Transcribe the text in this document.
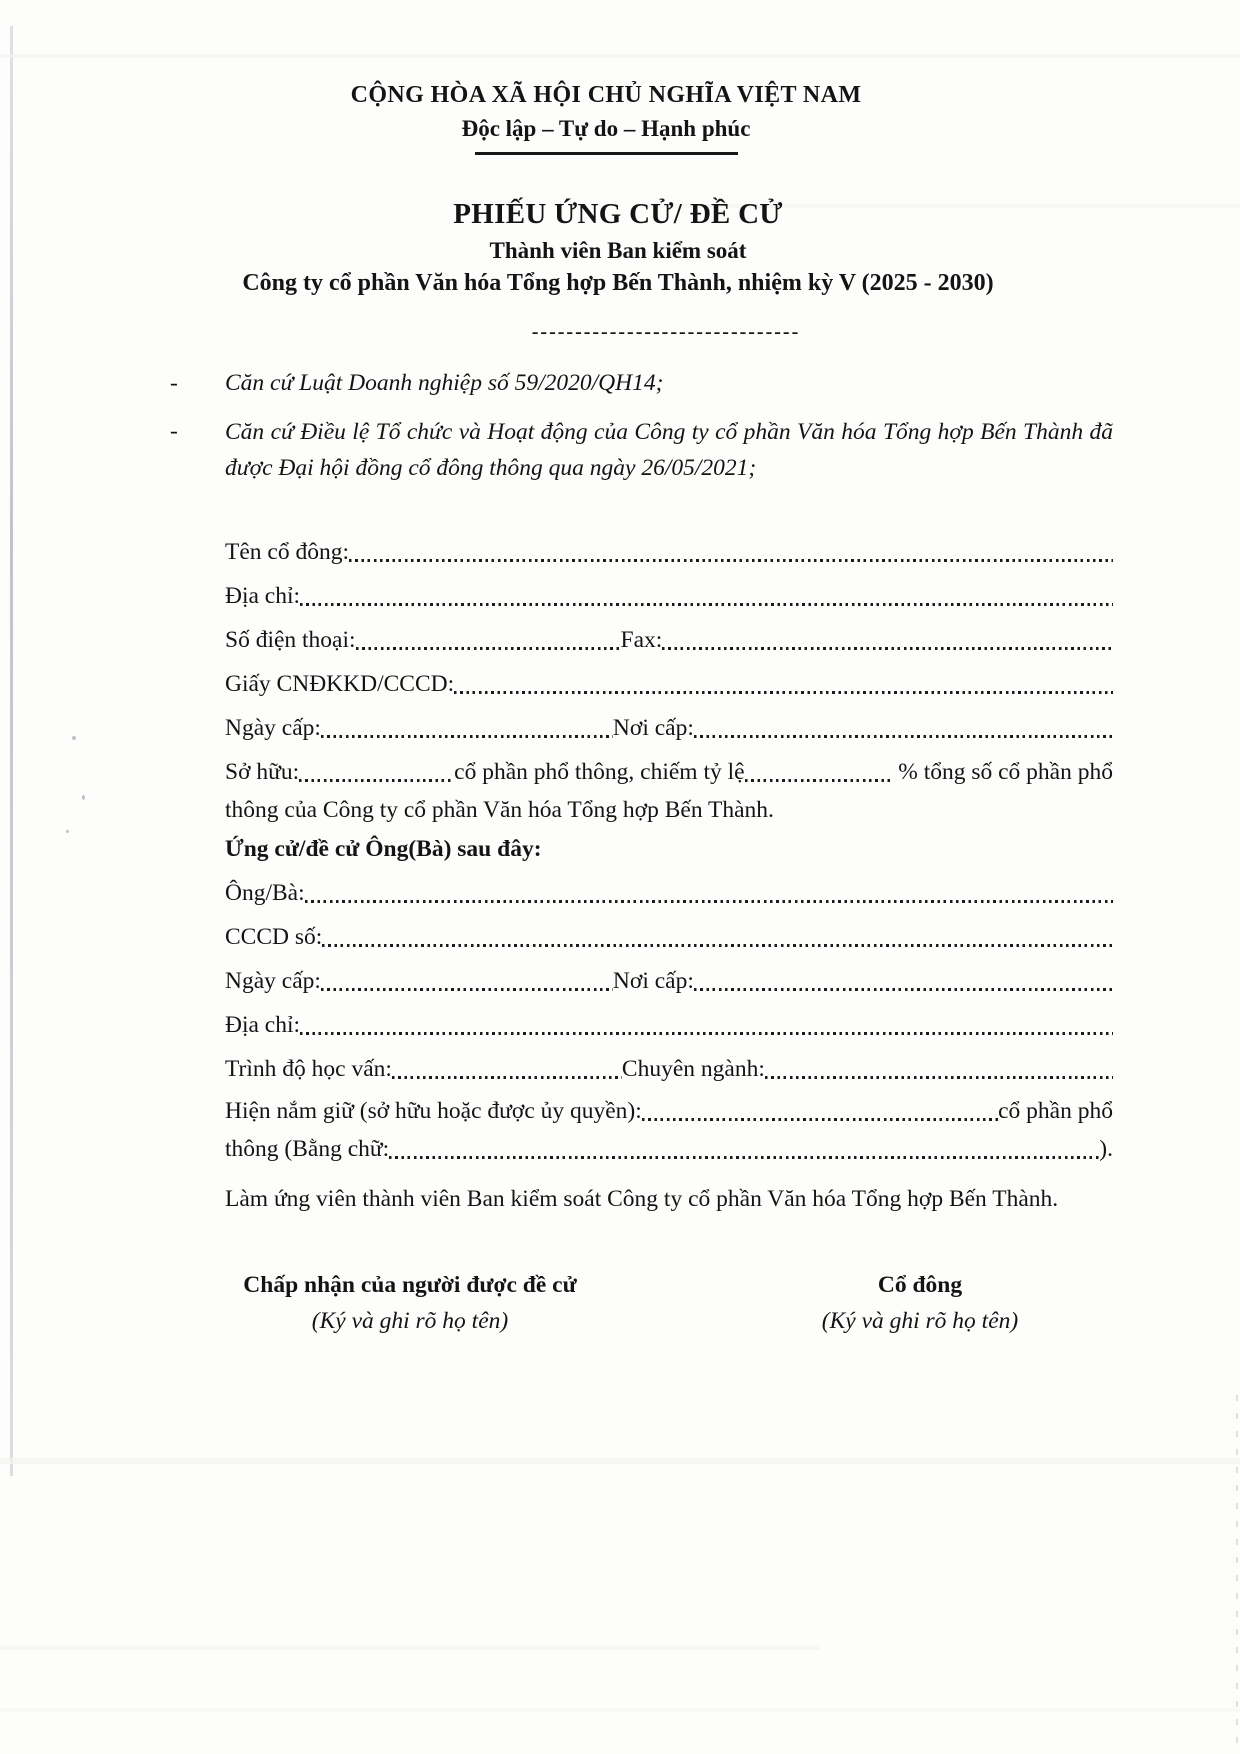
CỘNG HÒA XÃ HỘI CHỦ NGHĨA VIỆT NAM
Độc lập – Tự do – Hạnh phúc
PHIẾU ỨNG CỬ/ ĐỀ CỬ
Thành viên Ban kiểm soát
Công ty cổ phần Văn hóa Tổng hợp Bến Thành, nhiệm kỳ V (2025 - 2030)
-------------------------------
-	Căn cứ Luật Doanh nghiệp số 59/2020/QH14;
-	Căn cứ Điều lệ Tổ chức và Hoạt động của Công ty cổ phần Văn hóa Tổng hợp Bến Thành đã được Đại hội đồng cổ đông thông qua ngày 26/05/2021;
Tên cổ đông:
Địa chỉ:
Số điện thoại:	Fax:
Giấy CNĐKKD/CCCD:
Ngày cấp:	Nơi cấp:
Sở hữu:	cổ phần phổ thông, chiếm tỷ lệ	% tổng số cổ phần phổ
thông của Công ty cổ phần Văn hóa Tổng hợp Bến Thành.
Ứng cử/đề cử Ông(Bà) sau đây:
Ông/Bà:
CCCD số:
Ngày cấp:	Nơi cấp:
Địa chỉ:
Trình độ học vấn:	Chuyên ngành:
Hiện nắm giữ (sở hữu hoặc được ủy quyền):	cổ phần phổ
thông (Bằng chữ:	).
Làm ứng viên thành viên Ban kiểm soát Công ty cổ phần Văn hóa Tổng hợp Bến Thành.
Chấp nhận của người được đề cử
(Ký và ghi rõ họ tên)
Cổ đông
(Ký và ghi rõ họ tên)
